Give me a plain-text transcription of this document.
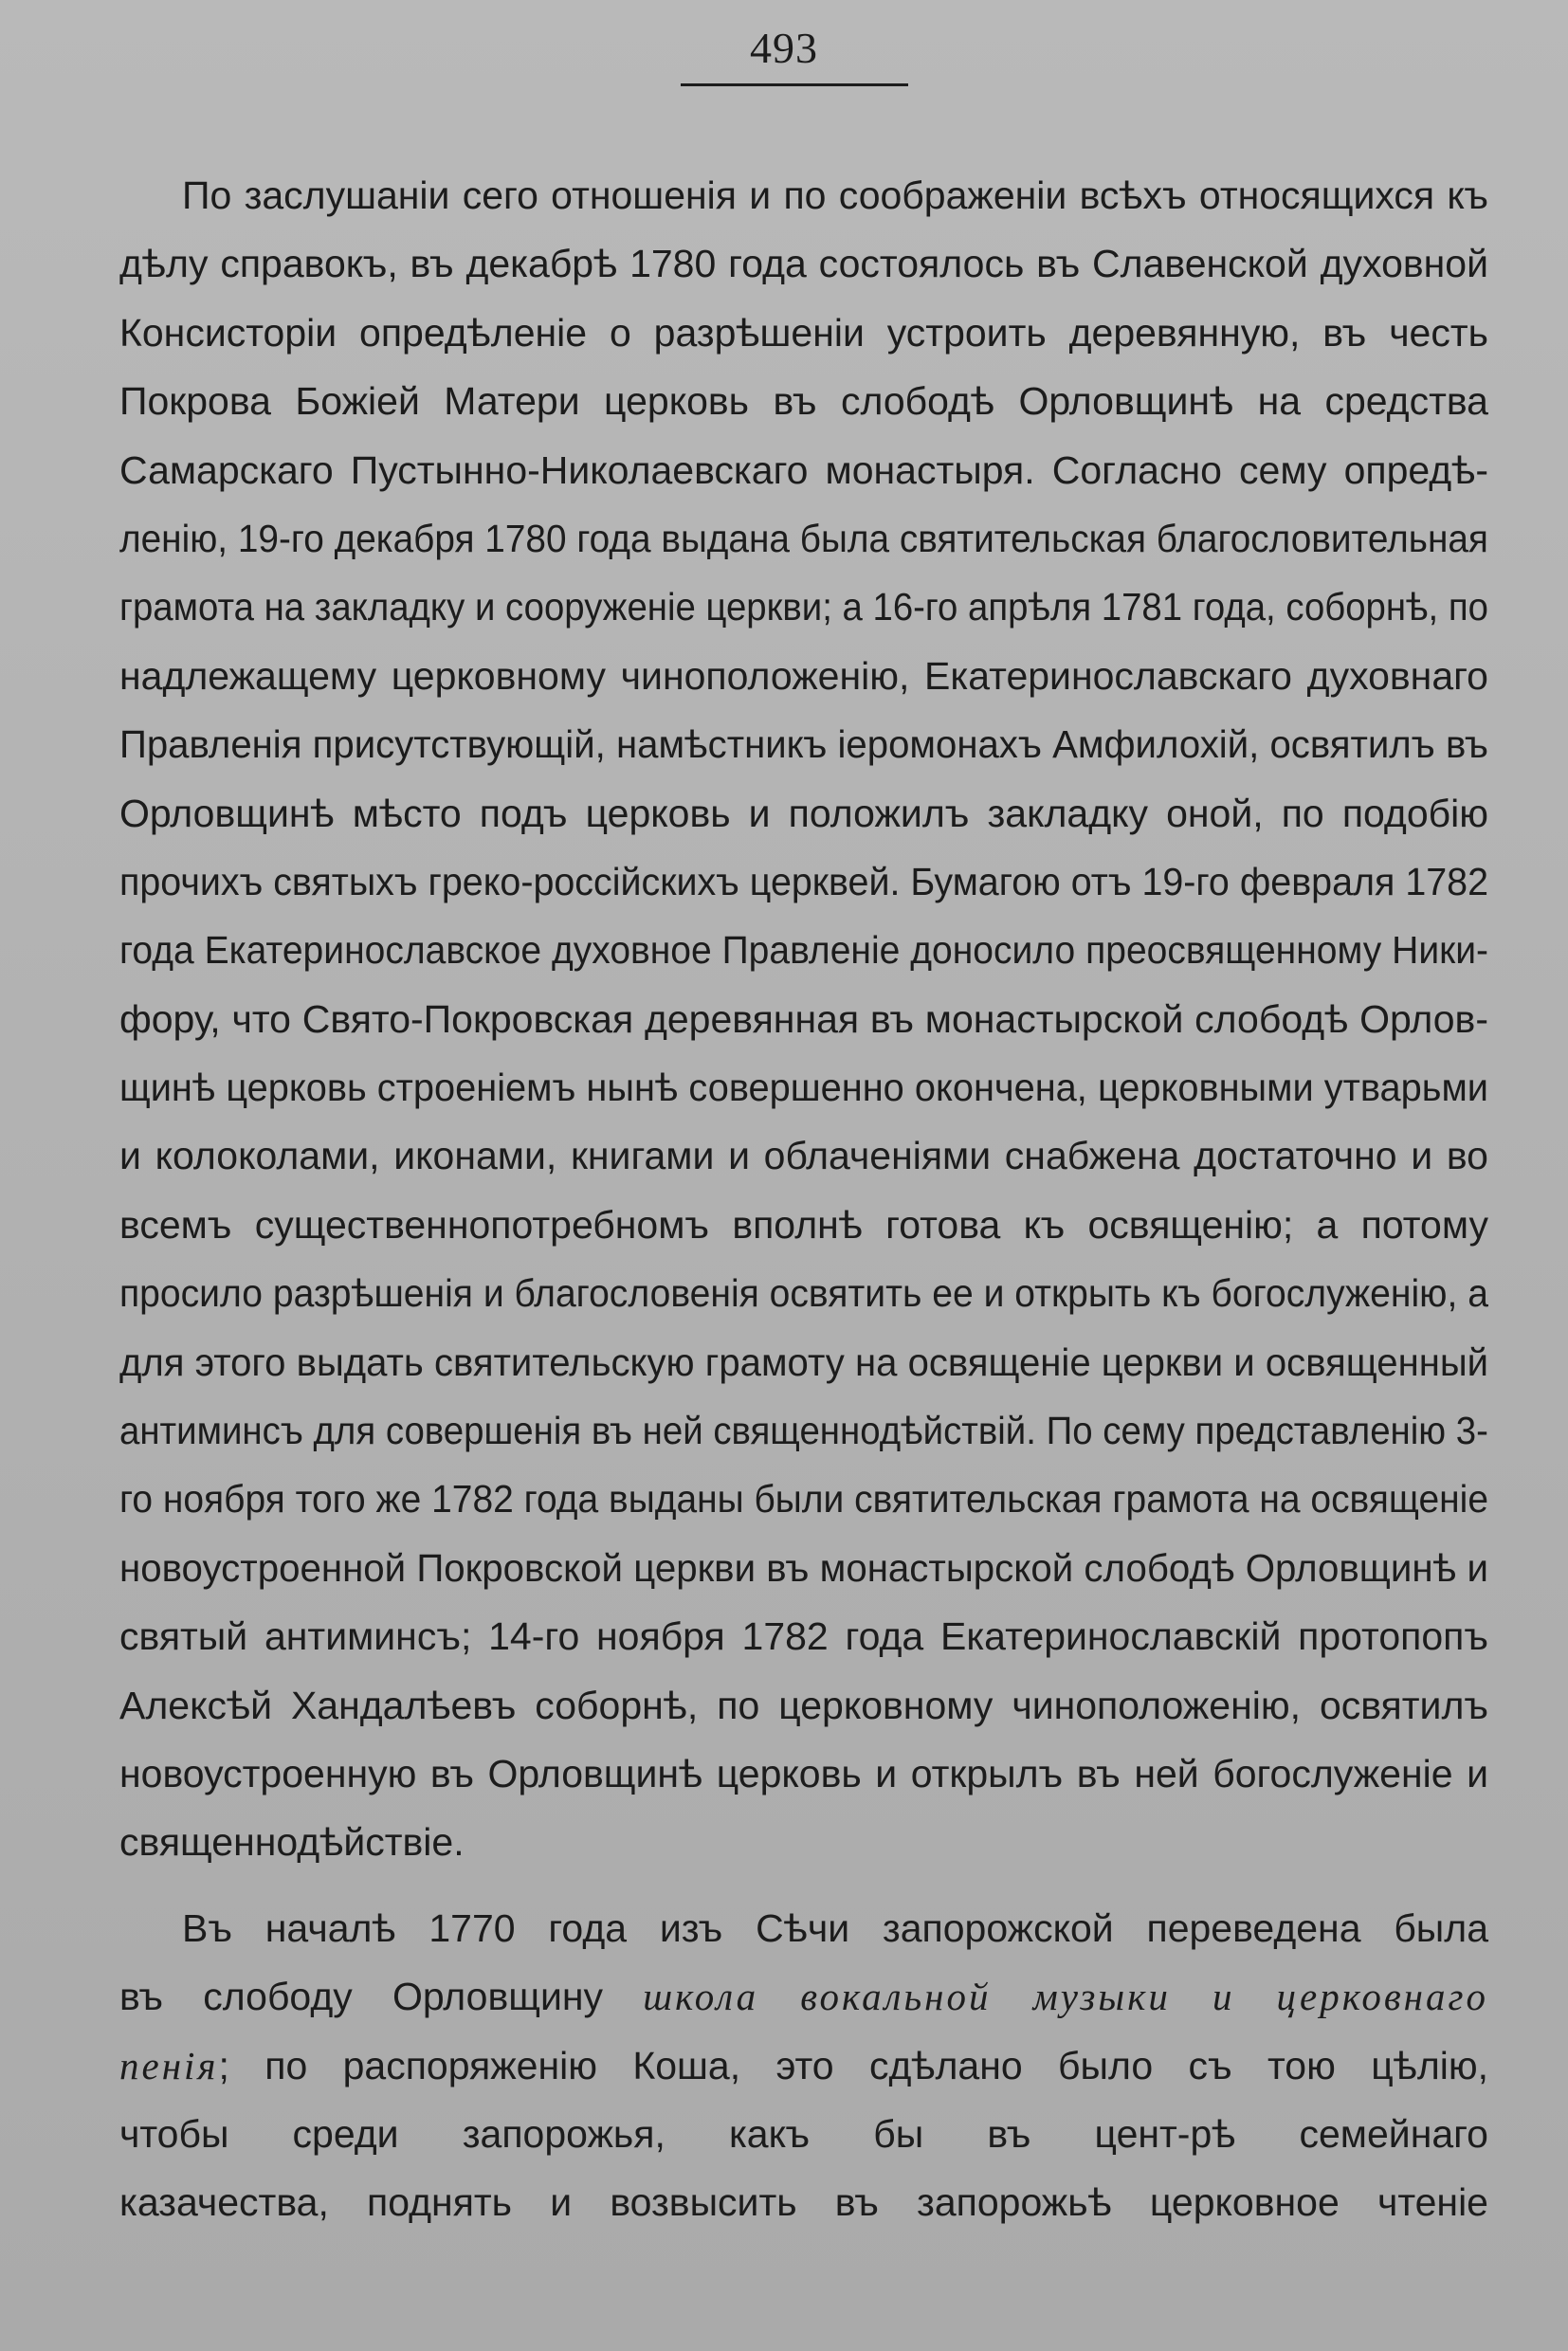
493
По заслушаніи сего отношенія и по соображеніи всѣхъ относящихся къ
дѣлу справокъ, въ декабрѣ 1780 года состоялось въ Славенской духовной
Консисторіи опредѣленіе о разрѣшеніи устроить деревянную, въ честь
Покрова Божіей Матери церковь въ слободѣ Орловщинѣ на средства
Самарскаго Пустынно-Николаевскаго монастыря. Согласно сему опредѣ-
ленію, 19-го декабря 1780 года выдана была святительская благословительная
грамота на закладку и сооруженіе церкви; а 16-го апрѣля 1781 года, соборнѣ, по
надлежащему церковному чиноположенію, Екатеринославскаго духовнаго
Правленія присутствующій, намѣстникъ іеромонахъ Амфилохій, освятилъ въ
Орловщинѣ мѣсто подъ церковь и положилъ закладку оной, по подобію
прочихъ святыхъ греко-россійскихъ церквей. Бумагою отъ 19-го февраля 1782
года Екатеринославское духовное Правленіе доносило преосвященному Ники-
фору, что Свято-Покровская деревянная въ монастырской слободѣ Орлов-
щинѣ церковь строеніемъ нынѣ совершенно окончена, церковными утварьми
и колоколами, иконами, книгами и облаченіями снабжена достаточно и во
всемъ существеннопотребномъ вполнѣ готова къ освященію; а потому
просило разрѣшенія и благословенія освятить ее и открыть къ богослуженію, а
для этого выдать святительскую грамоту на освященіе церкви и освященный
антиминсъ для совершенія въ ней священнодѣйствій. По сему представленію 3-
го ноября того же 1782 года выданы были святительская грамота на освященіе
новоустроенной Покровской церкви въ монастырской слободѣ Орловщинѣ и
святый антиминсъ; 14-го ноября 1782 года Екатеринославскій протопопъ
Алексѣй Хандалѣевъ соборнѣ, по церковному чиноположенію, освятилъ
новоустроенную въ Орловщинѣ церковь и открылъ въ ней богослуженіе и
священнодѣйствіе.
Въ началѣ 1770 года изъ Сѣчи запорожской переведена была
въ слободу Орловщину школа вокальной музыки и церковнаго
пенія; по распоряженію Коша, это сдѣлано было съ тою цѣлію,
чтобы среди запорожья, какъ бы въ цент-рѣ семейнаго
казачества, поднять и возвысить въ запорожьѣ церковное чтеніе
